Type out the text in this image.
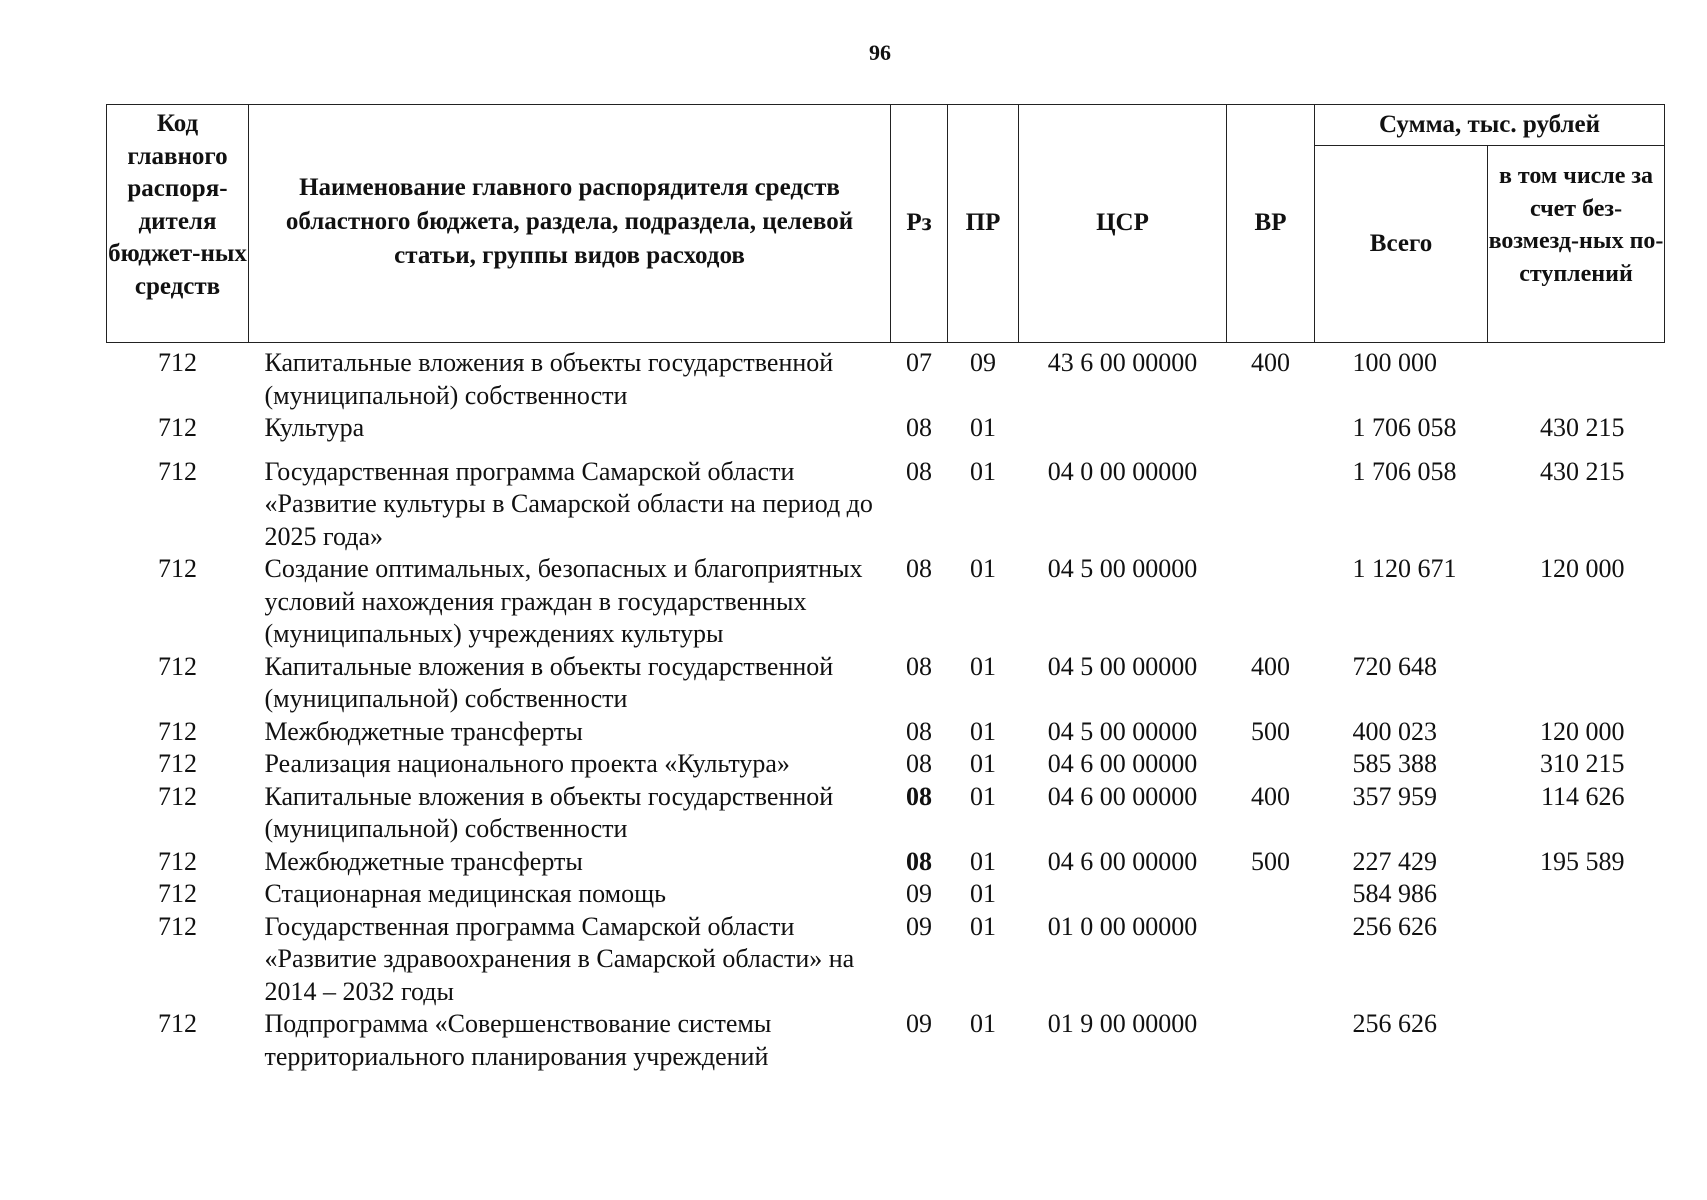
96
Код главного распоря-дителя бюджет-ных средств	Наименование главного распорядителя средств областного бюджета, раздела, подраздела, целевой статьи, группы видов расходов	Рз	ПР	ЦСР	ВР	Сумма, тыс. рублей	
						Всего	в том числе за счет без-возмезд-ных по-ступлений
712	Капитальные вложения в объекты государственной (муниципальной) собственности	07	09	43 6 00 00000	400	100 000	
712	Культура	08	01			1 706 058	430 215
712	Государственная программа Самарской области «Развитие культуры в Самарской области на период до 2025 года»	08	01	04 0 00 00000		1 706 058	430 215
712	Создание оптимальных, безопасных и благоприятных условий нахождения граждан в государственных (муниципальных) учреждениях культуры	08	01	04 5 00 00000		1 120 671	120 000
712	Капитальные вложения в объекты государственной (муниципальной) собственности	08	01	04 5 00 00000	400	720 648	
712	Межбюджетные трансферты	08	01	04 5 00 00000	500	400 023	120 000
712	Реализация национального проекта «Культура»	08	01	04 6 00 00000		585 388	310 215
712	Капитальные вложения в объекты государственной (муниципальной) собственности	08	01	04 6 00 00000	400	357 959	114 626
712	Межбюджетные трансферты	08	01	04 6 00 00000	500	227 429	195 589
712	Стационарная медицинская помощь	09	01			584 986	
712	Государственная программа Самарской области «Развитие здравоохранения в Самарской области» на 2014 – 2032 годы	09	01	01 0 00 00000		256 626	
712	Подпрограмма «Совершенствование системы территориального планирования учреждений	09	01	01 9 00 00000		256 626	
